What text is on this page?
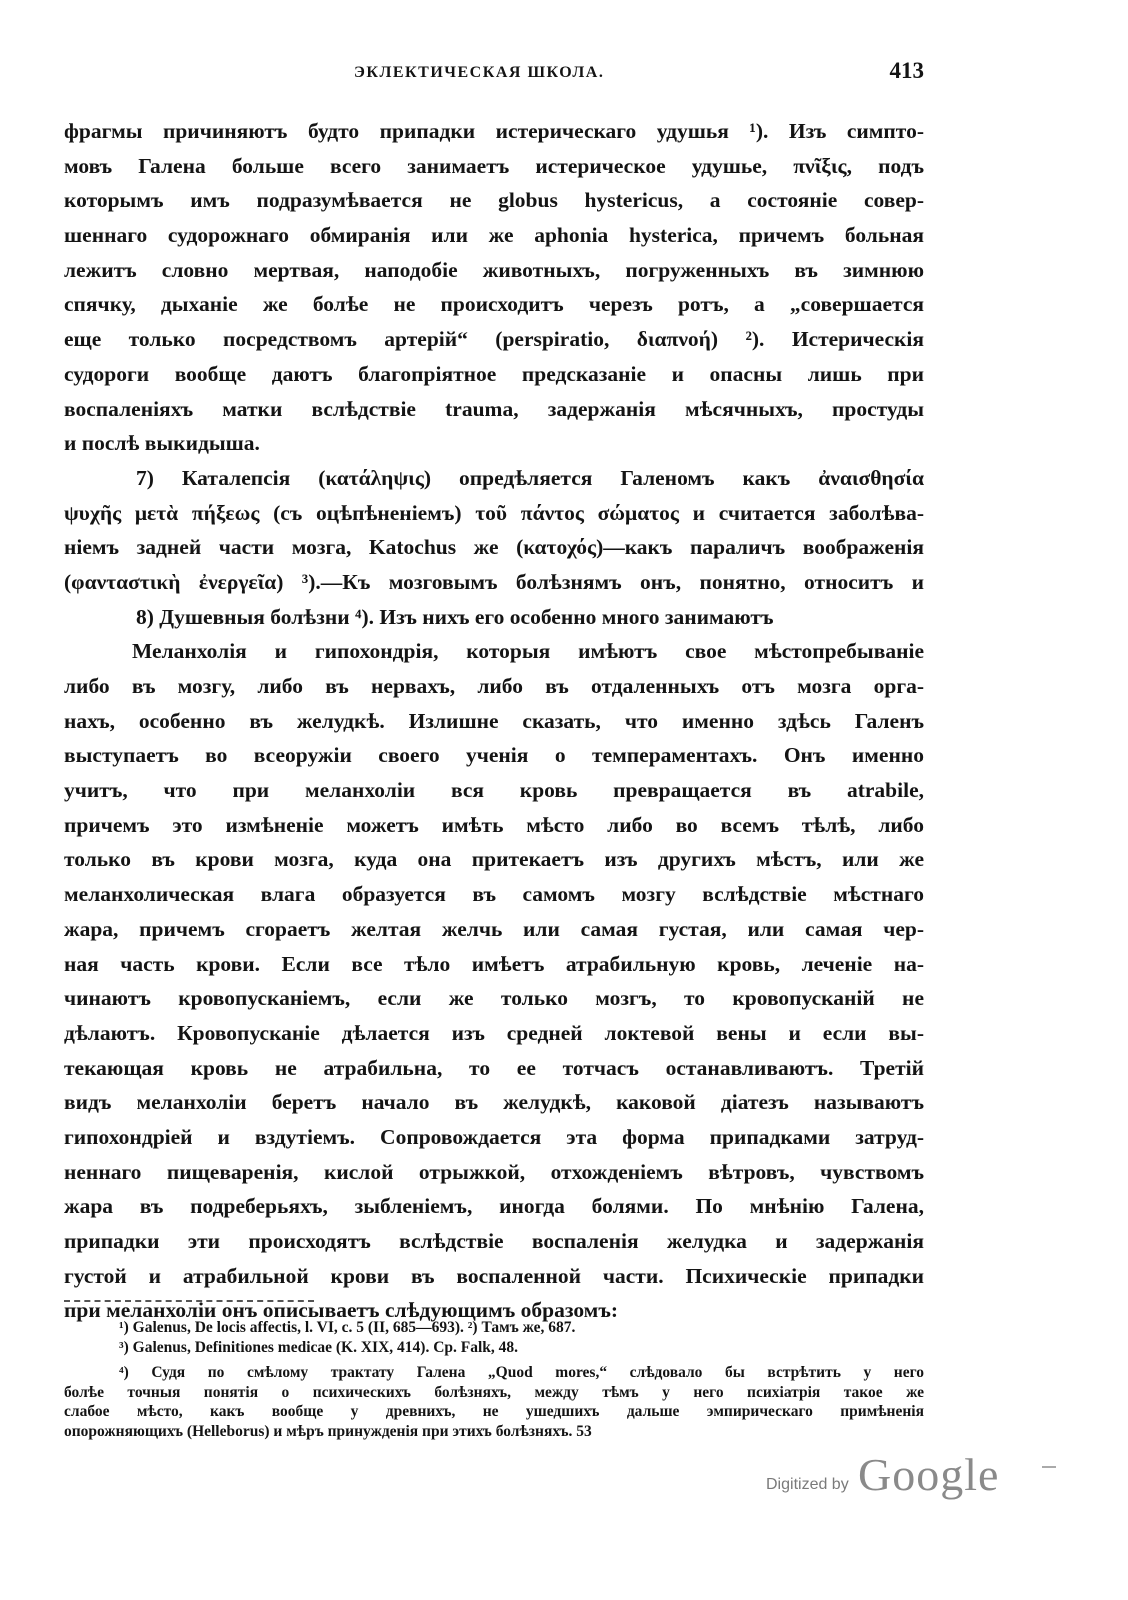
ЭКЛЕКТИЧЕСКАЯ ШКОЛА.	413
фрагмы причиняютъ будто припадки истерическаго удушья ¹). Изъ симпто-
мовъ Галена больше всего занимаетъ истерическое удушье, πνῖξις, подъ
которымъ имъ подразумѣвается не globus hystericus, а состояніе совер-
шеннаго судорожнаго обмиранія или же aphonia hysterica, причемъ больная
лежитъ словно мертвая, наподобіе животныхъ, погруженныхъ въ зимнюю
спячку, дыханіе же болѣе не происходитъ черезъ ротъ, а „совершается
еще только посредствомъ артерій“ (perspiratio, διαπνοή) ²). Истерическія
судороги вообще даютъ благопріятное предсказаніе и опасны лишь при
воспаленіяхъ матки вслѣдствіе trauma, задержанія мѣсячныхъ, простуды
и послѣ выкидыша.
7) Каталепсія (κατάληψις) опредѣляется Галеномъ какъ ἀναισθησία
ψυχῆς μετὰ πήξεως (съ оцѣпѣненіемъ) τοῦ πάντος σώματος и считается заболѣва-
ніемъ задней части мозга, Katochus же (κατοχός)—какъ параличъ воображенія
(φανταστικὴ ἐνεργεῖα) ³).—Къ мозговымъ болѣзнямъ онъ, понятно, относитъ и
8) Душевныя болѣзни ⁴). Изъ нихъ его особенно много занимаютъ
Меланхолія и гипохондрія, которыя имѣютъ свое мѣстопребываніе
либо въ мозгу, либо въ нервахъ, либо въ отдаленныхъ отъ мозга орга-
нахъ, особенно въ желудкѣ. Излишне сказать, что именно здѣсь Галенъ
выступаетъ во всеоружіи своего ученія о темпераментахъ. Онъ именно
учитъ, что при меланхоліи вся кровь превращается въ atrabile,
причемъ это измѣненіе можетъ имѣть мѣсто либо во всемъ тѣлѣ, либо
только въ крови мозга, куда она притекаетъ изъ другихъ мѣстъ, или же
меланхолическая влага образуется въ самомъ мозгу вслѣдствіе мѣстнаго
жара, причемъ сгораетъ желтая желчь или самая густая, или самая чер-
ная часть крови. Если все тѣло имѣетъ атрабильную кровь, леченіе на-
чинаютъ кровопусканіемъ, если же только мозгъ, то кровопусканій не
дѣлаютъ. Кровопусканіе дѣлается изъ средней локтевой вены и если вы-
текающая кровь не атрабильна, то ее тотчасъ останавливаютъ. Третій
видъ меланхоліи беретъ начало въ желудкѣ, каковой діатезъ называютъ
гипохондріей и вздутіемъ. Сопровождается эта форма припадками затруд-
неннаго пищеваренія, кислой отрыжкой, отхожденіемъ вѣтровъ, чувствомъ
жара въ подреберьяхъ, зыбленіемъ, иногда болями. По мнѣнію Галена,
припадки эти происходятъ вслѣдствіе воспаленія желудка и задержанія
густой и атрабильной крови въ воспаленной части. Психическіе припадки
при меланхоліи онъ описываетъ слѣдующимъ образомъ:
¹) Galenus, De locis affectis, l. VI, c. 5 (II, 685—693). ²) Тамъ же, 687.
³) Galenus, Definitiones medicae (K. XIX, 414). Ср. Falk, 48.
⁴) Судя по смѣлому трактату Галена „Quod mores,“ слѣдовало бы встрѣтить у него
болѣе точныя понятія о психическихъ болѣзняхъ, между тѣмъ у него психіатрія такое же
слабое мѣсто, какъ вообще у древнихъ, не ушедшихъ дальше эмпирическаго примѣненія
опорожняющихъ (Helleborus) и мѣръ принужденія при этихъ болѣзняхъ. 53
Digitized by Google
